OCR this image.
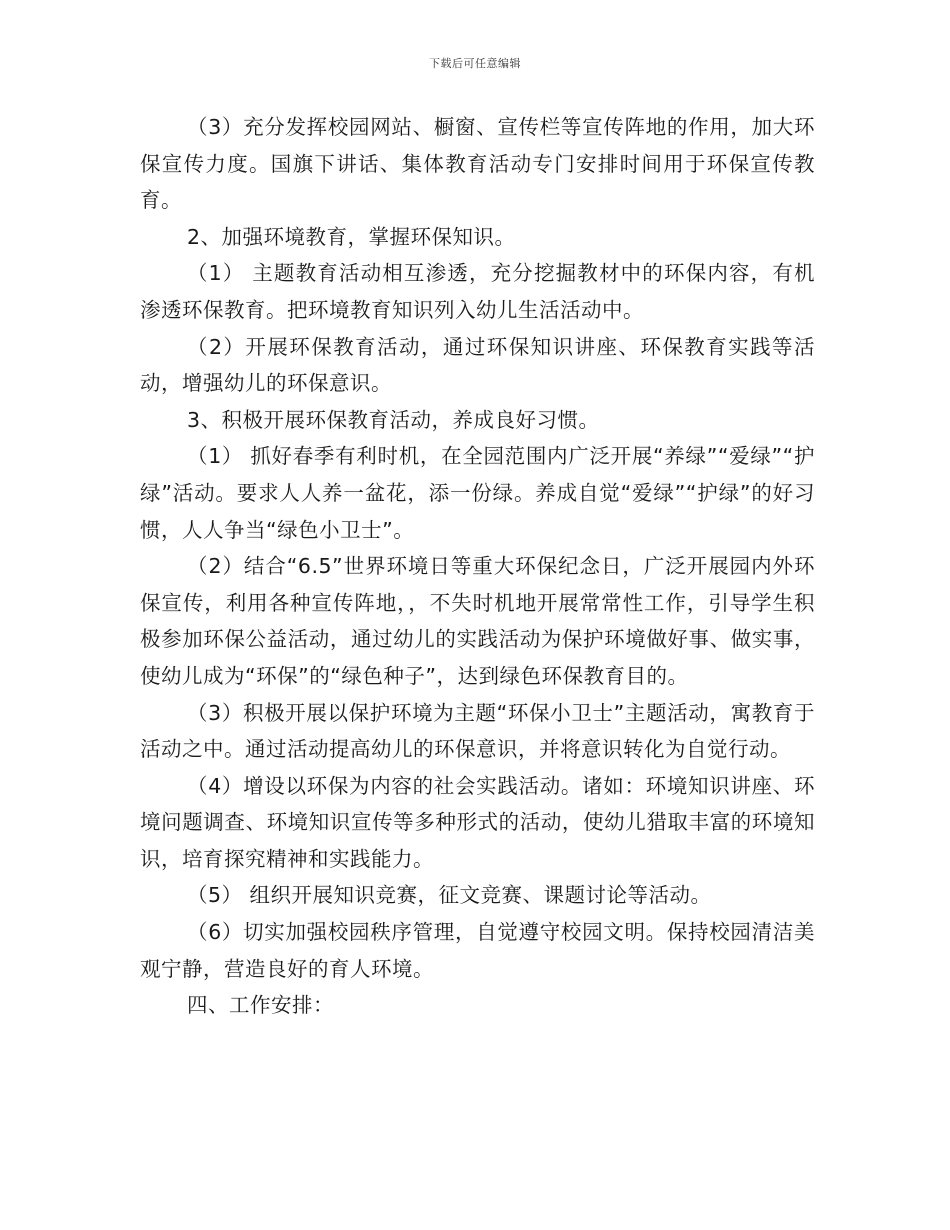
下载后可任意编辑

（3）充分发挥校园网站、橱窗、宣传栏等宣传阵地的作用，加大环保宣传力度。国旗下讲话、集体教育活动专门安排时间用于环保宣传教育。

2、加强环境教育，掌握环保知识。

（1） 主题教育活动相互渗透，充分挖掘教材中的环保内容，有机渗透环保教育。把环境教育知识列入幼儿生活活动中。

（2）开展环保教育活动，通过环保知识讲座、环保教育实践等活动，增强幼儿的环保意识。

3、积极开展环保教育活动，养成良好习惯。

（1） 抓好春季有利时机，在全园范围内广泛开展“养绿”“爱绿”“护绿”活动。要求人人养一盆花，添一份绿。养成自觉“爱绿”“护绿”的好习惯，人人争当“绿色小卫士”。

（2）结合“6.5”世界环境日等重大环保纪念日，广泛开展园内外环保宣传，利用各种宣传阵地，，不失时机地开展常常性工作，引导学生积极参加环保公益活动，通过幼儿的实践活动为保护环境做好事、做实事，使幼儿成为“环保”的“绿色种子”，达到绿色环保教育目的。

（3）积极开展以保护环境为主题“环保小卫士”主题活动，寓教育于活动之中。通过活动提高幼儿的环保意识，并将意识转化为自觉行动。

（4）增设以环保为内容的社会实践活动。诸如：环境知识讲座、环境问题调查、环境知识宣传等多种形式的活动，使幼儿猎取丰富的环境知识，培育探究精神和实践能力。

（5） 组织开展知识竞赛，征文竞赛、课题讨论等活动。

（6）切实加强校园秩序管理，自觉遵守校园文明。保持校园清洁美观宁静，营造良好的育人环境。

四、工作安排：
